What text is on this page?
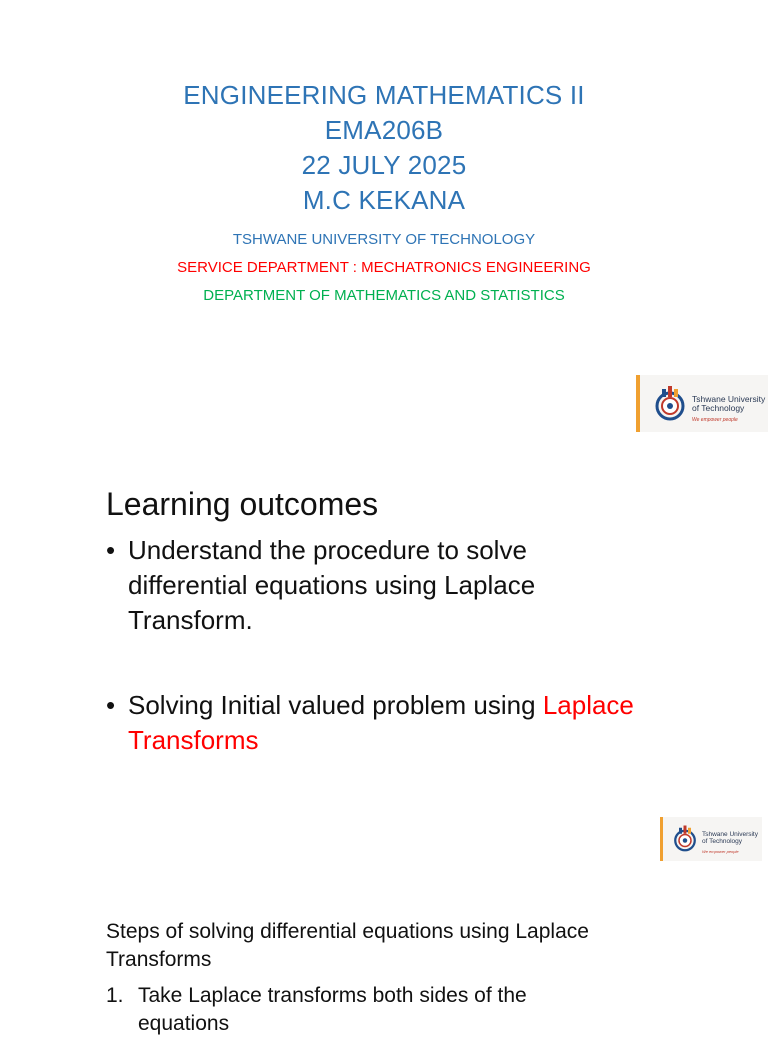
ENGINEERING MATHEMATICS II
EMA206B
22 JULY 2025
M.C KEKANA
TSHWANE UNIVERSITY OF TECHNOLOGY
SERVICE DEPARTMENT : MECHATRONICS ENGINEERING
DEPARTMENT OF MATHEMATICS AND STATISTICS
Tshwane University
of Technology
We empower people
Learning outcomes
• Understand the procedure to solve
differential equations using Laplace
Transform.
• Solving Initial valued problem using Laplace
Transforms
Tshwane University
of Technology
We empower people
Steps of solving differential equations using Laplace
Transforms
1. Take Laplace transforms both sides of the
equations
